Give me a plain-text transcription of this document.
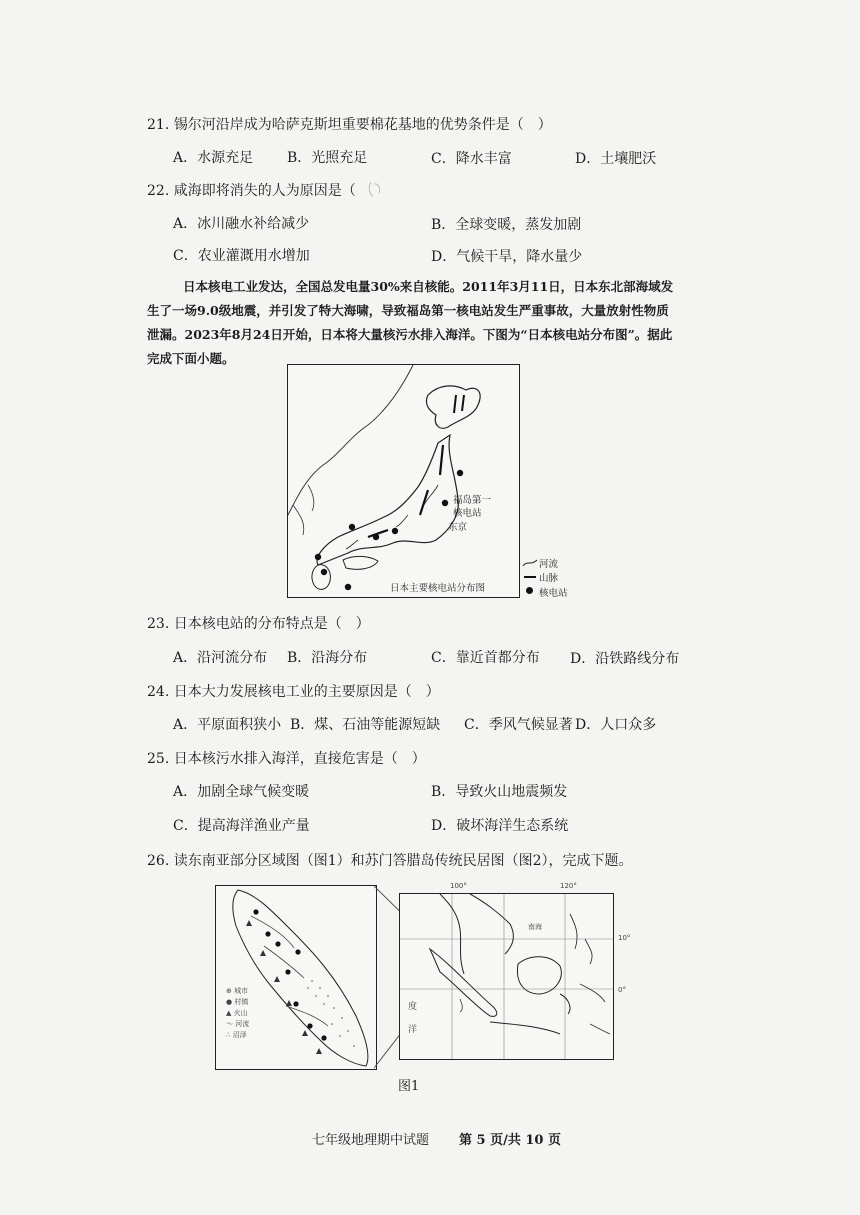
21. 锡尔河沿岸成为哈萨克斯坦重要棉花基地的优势条件是（　）
A．水源充足 B．光照充足	C．降水丰富	D．土壤肥沃
22. 咸海即将消失的人为原因是（
A．冰川融水补给减少	B．全球变暖，蒸发加剧
C．农业灌溉用水增加	D．气候干旱，降水量少
日本核电工业发达，全国总发电量30%来自核能。2011年3月11日，日本东北部海域发
生了一场9.0级地震，并引发了特大海啸，导致福岛第一核电站发生严重事故，大量放射性物质
泄漏。2023年8月24日开始，日本将大量核污水排入海洋。下图为“日本核电站分布图”。据此
完成下面小题。
福岛第一
核电站
东京
日本主要核电站分布图
河流
山脉
核电站
23. 日本核电站的分布特点是（　）
A．沿河流分布 B．沿海分布	C．靠近首都分布 D．沿铁路线分布
24. 日本大力发展核电工业的主要原因是（　）
A．平原面积狭小 B．煤、石油等能源短缺 C．季风气候显著 D．人口众多
25. 日本核污水排入海洋，直接危害是（　）
A．加剧全球气候变暖	B．导致火山地震频发
C．提高海洋渔业产量	D．破坏海洋生态系统
26. 读东南亚部分区域图（图1）和苏门答腊岛传统民居图（图2），完成下题。
⊕ 城市
● 村镇
▲ 火山
～ 河流
∴ 沼泽
100°	120°
10°
0°
南海
度
洋
图1
七年级地理期中试题 第 5 页/共 10 页
